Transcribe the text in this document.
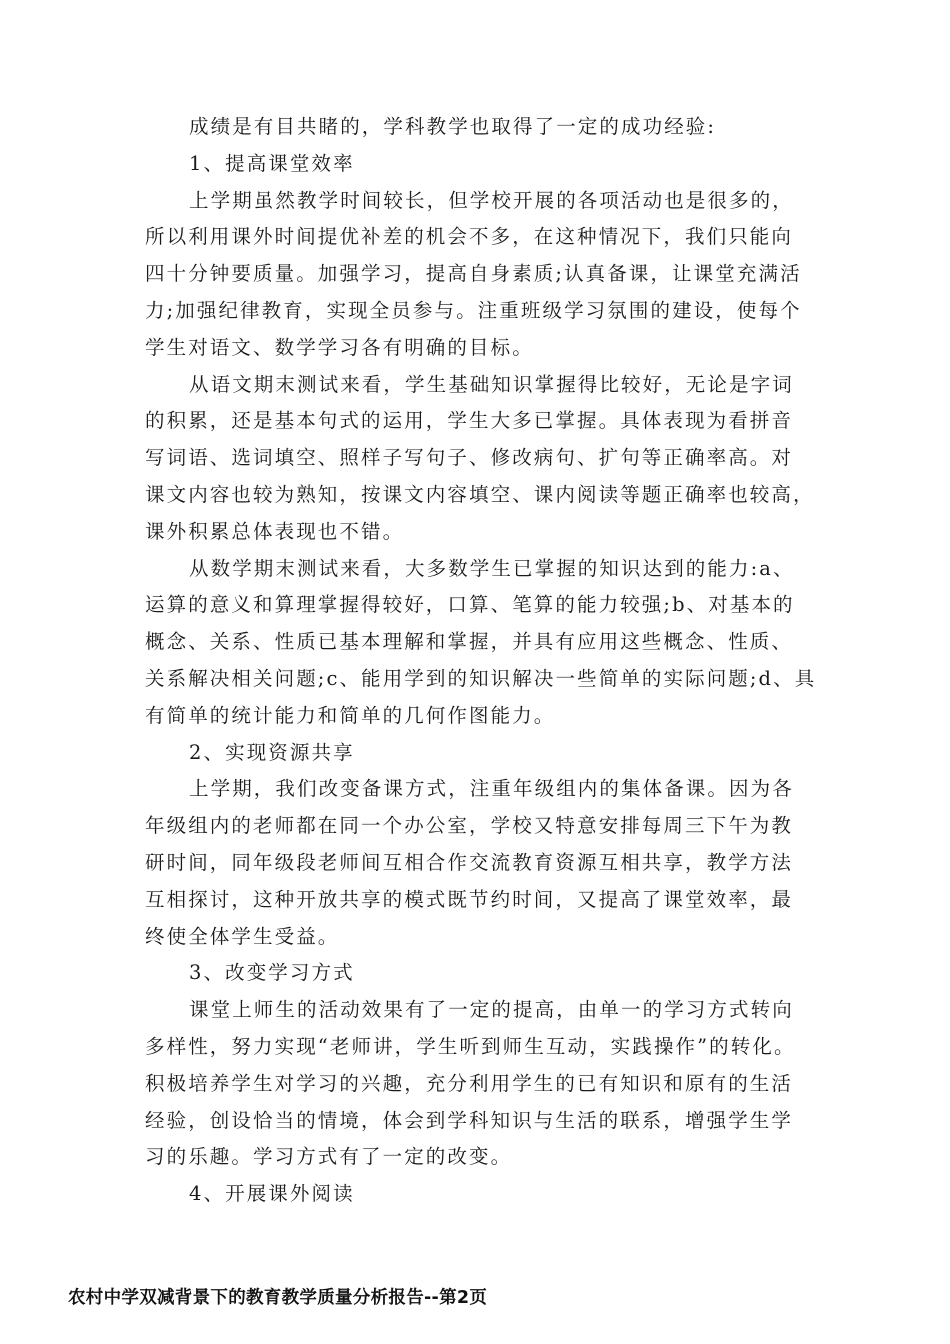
成绩是有目共睹的，学科教学也取得了一定的成功经验:
1、提高课堂效率
上学期虽然教学时间较长，但学校开展的各项活动也是很多的，
所以利用课外时间提优补差的机会不多，在这种情况下，我们只能向
四十分钟要质量。加强学习，提高自身素质;认真备课，让课堂充满活
力;加强纪律教育，实现全员参与。注重班级学习氛围的建设，使每个
学生对语文、数学学习各有明确的目标。
从语文期末测试来看，学生基础知识掌握得比较好，无论是字词
的积累，还是基本句式的运用，学生大多已掌握。具体表现为看拼音
写词语、选词填空、照样子写句子、修改病句、扩句等正确率高。对
课文内容也较为熟知，按课文内容填空、课内阅读等题正确率也较高，
课外积累总体表现也不错。
从数学期末测试来看，大多数学生已掌握的知识达到的能力:a、
运算的意义和算理掌握得较好，口算、笔算的能力较强;b、对基本的
概念、关系、性质已基本理解和掌握，并具有应用这些概念、性质、
关系解决相关问题;c、能用学到的知识解决一些简单的实际问题;d、具
有简单的统计能力和简单的几何作图能力。
2、实现资源共享
上学期，我们改变备课方式，注重年级组内的集体备课。因为各
年级组内的老师都在同一个办公室，学校又特意安排每周三下午为教
研时间，同年级段老师间互相合作交流教育资源互相共享，教学方法
互相探讨，这种开放共享的模式既节约时间，又提高了课堂效率，最
终使全体学生受益。
3、改变学习方式
课堂上师生的活动效果有了一定的提高，由单一的学习方式转向
多样性，努力实现“老师讲，学生听到师生互动，实践操作”的转化。
积极培养学生对学习的兴趣，充分利用学生的已有知识和原有的生活
经验，创设恰当的情境，体会到学科知识与生活的联系，增强学生学
习的乐趣。学习方式有了一定的改变。
4、开展课外阅读
农村中学双减背景下的教育教学质量分析报告--第2页
